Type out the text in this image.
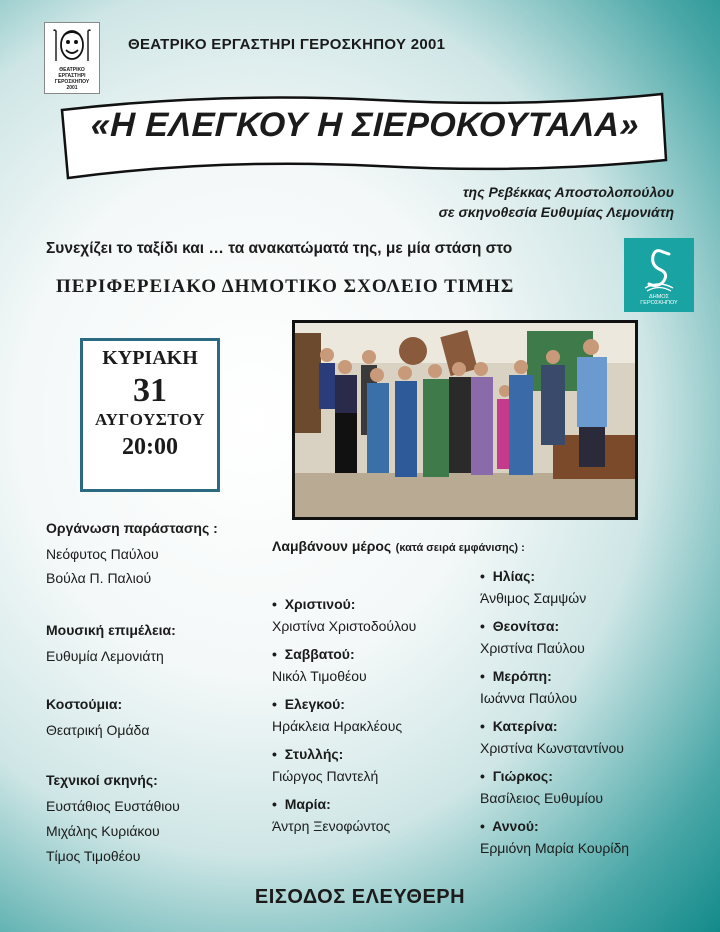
ΘΕΑΤΡΙΚΟ
ΕΡΓΑΣΤΗΡΙ
ΓΕΡΟΣΚΗΠΟΥ
2001
ΘΕΑΤΡΙΚΟ ΕΡΓΑΣΤΗΡΙ ΓΕΡΟΣΚΗΠΟΥ 2001
«Η ΕΛΕΓΚΟΥ Η ΣΙΕΡΟΚΟΥΤΑΛΑ»
της Ρεβέκκας Αποστολοπούλου
σε σκηνοθεσία Ευθυμίας Λεμονιάτη
Συνεχίζει το ταξίδι και … τα ανακατώματά της, με μία στάση στο
ΠΕΡΙΦΕΡΕΙΑΚΟ ΔΗΜΟΤΙΚΟ ΣΧΟΛΕΙΟ ΤΙΜΗΣ	ΔΗΜΟΣ
ΓΕΡΟΣΚΗΠΟΥ
ΚΥΡΙΑΚΗ
31
ΑΥΓΟΥΣΤΟΥ
20:00
Οργάνωση παράστασης :
Νεόφυτος Παύλου
Βούλα Π. Παλιού
Μουσική επιμέλεια:
Ευθυμία Λεμονιάτη
Κοστούμια:
Θεατρική Ομάδα
Τεχνικοί σκηνής:
Ευστάθιος Ευστάθιου
Μιχάλης Κυριάκου
Τίμος Τιμοθέου
Λαμβάνουν μέρος (κατά σειρά εμφάνισης) :
•  Χριστινού:
Χριστίνα Χριστοδούλου
•  Σαββατού:
Νικόλ Τιμοθέου
•  Ελεγκού:
Ηράκλεια Ηρακλέους
•  Στυλλής:
Γιώργος Παντελή
•  Μαρία:
Άντρη Ξενοφώντος
•  Ηλίας:
Άνθιμος Σαμψών
•  Θεονίτσα:
Χριστίνα Παύλου
•  Μερόπη:
Ιωάννα Παύλου
•  Κατερίνα:
Χριστίνα Κωνσταντίνου
•  Γιώρκος:
Βασίλειος Ευθυμίου
•  Αννού:
Ερμιόνη Μαρία Κουρίδη
ΕΙΣΟΔΟΣ ΕΛΕΥΘΕΡΗ
